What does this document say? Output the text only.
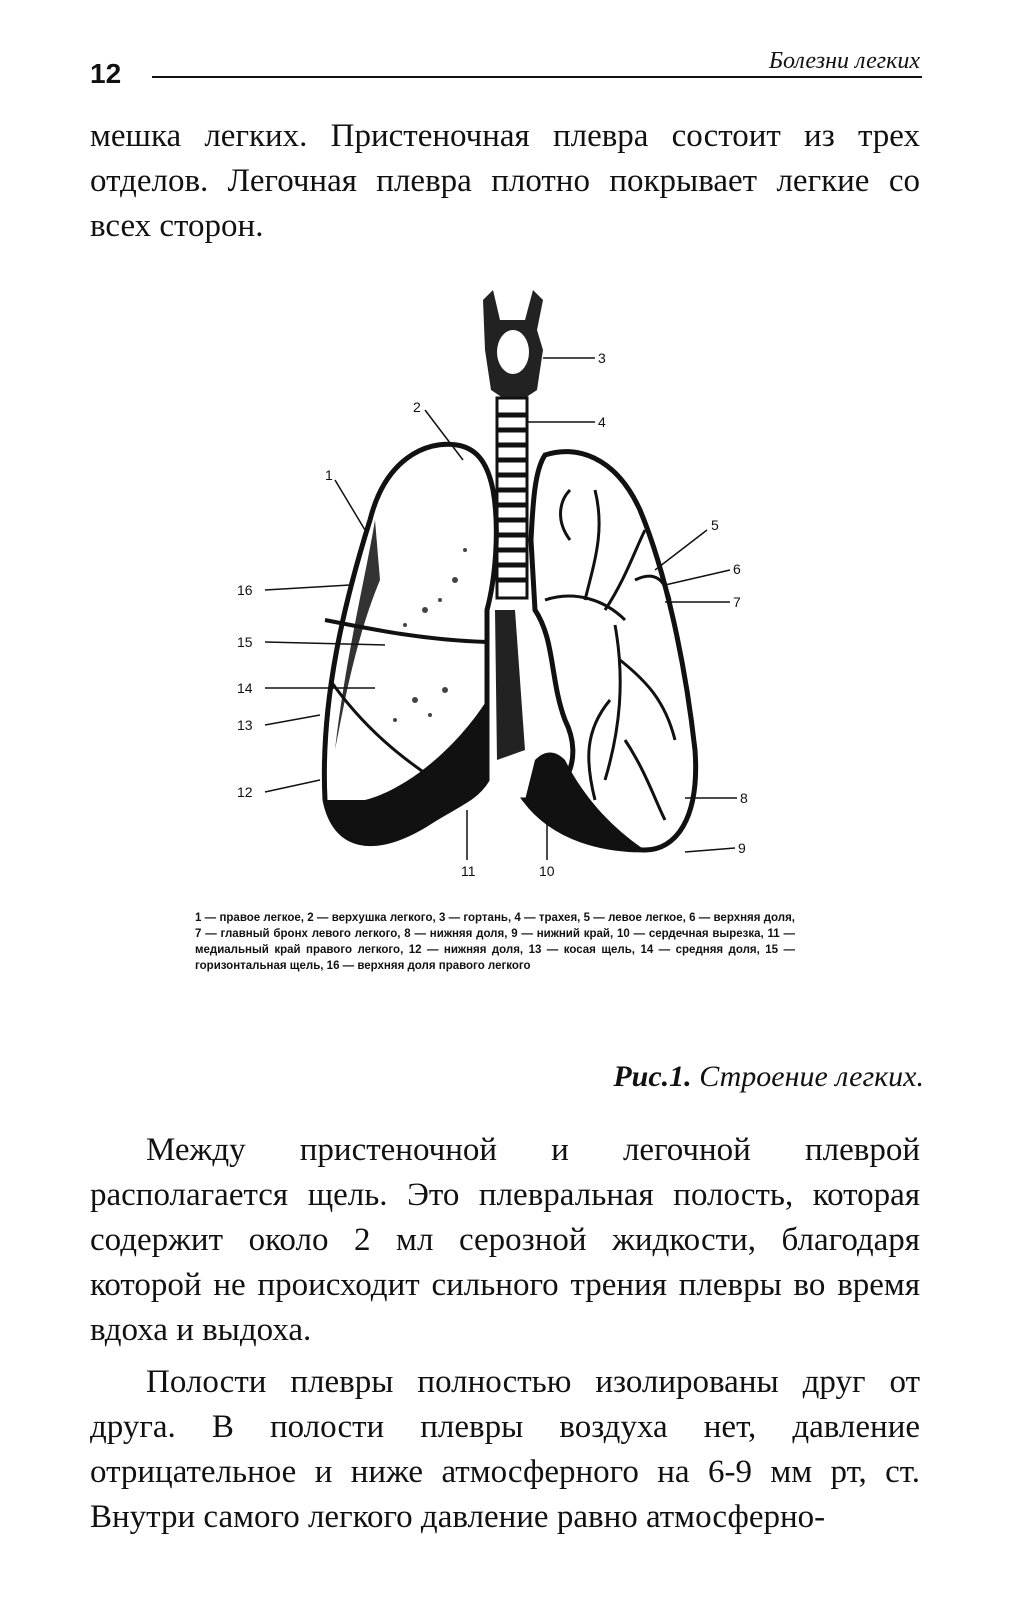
12	Болезни легких

мешка легких. Пристеночная плевра состоит из трех отделов. Легочная плевра плотно покрывает легкие со всех сторон.

3
4
2
1
16
15
14
13
12
5
6
7
8
9
11	10

1 — правое легкое, 2 — верхушка легкого, 3 — гортань, 4 — трахея, 5 — левое легкое, 6 — верхняя доля, 7 — главный бронх левого легкого, 8 — нижняя доля, 9 — нижний край, 10 — сердечная вырезка, 11 — медиальный край правого легкого, 12 — нижняя доля, 13 — косая щель, 14 — средняя доля, 15 — горизонтальная щель, 16 — верхняя доля правого легкого

Рис.1. Строение легких.

Между пристеночной и легочной плеврой располагается щель. Это плевральная полость, которая содержит около 2 мл серозной жидкости, благодаря которой не происходит сильного трения плевры во время вдоха и выдоха.

Полости плевры полностью изолированы друг от друга. В полости плевры воздуха нет, давление отрицательное и ниже атмосферного на 6-9 мм рт, ст. Внутри самого легкого давление равно атмосферно-
